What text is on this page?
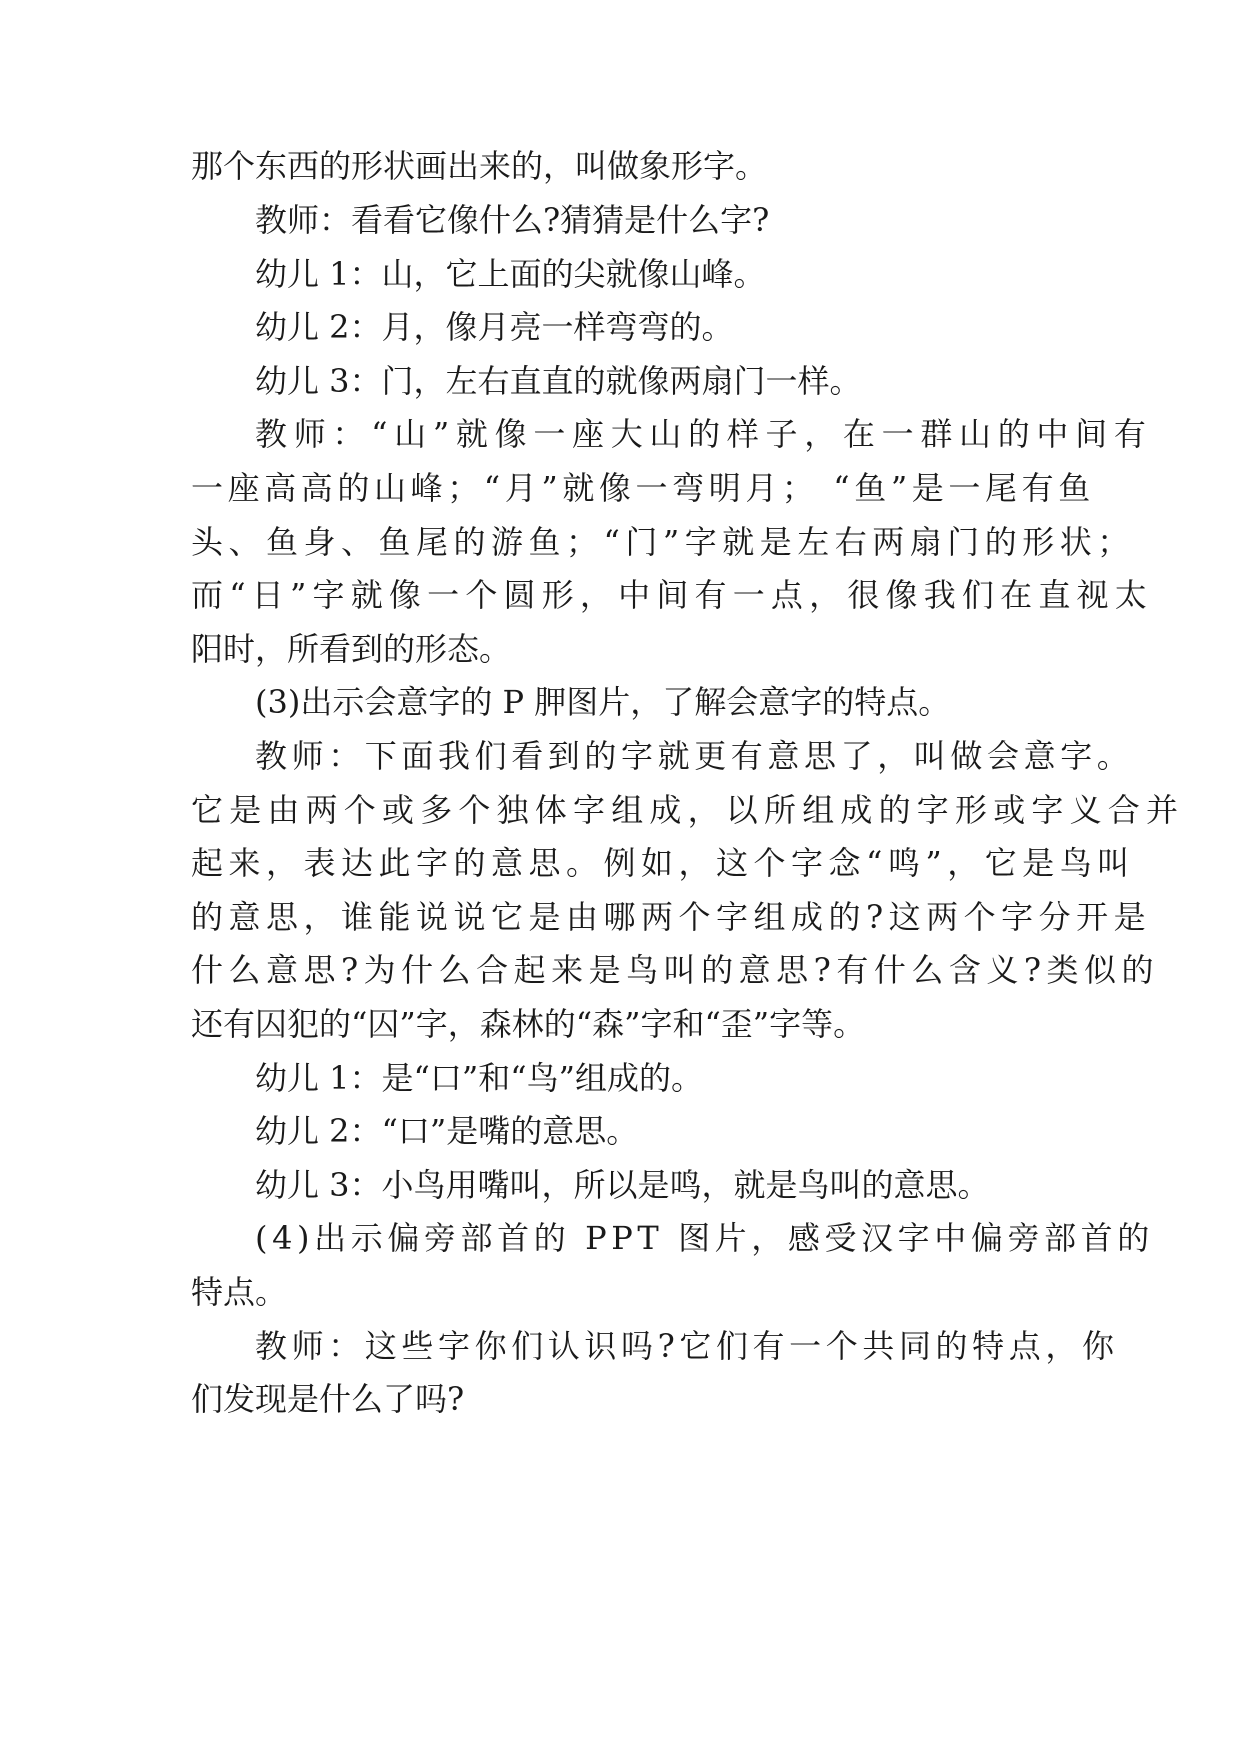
那个东西的形状画出来的，叫做象形字。
教师：看看它像什么?猜猜是什么字?
幼儿 1：山，它上面的尖就像山峰。
幼儿 2：月，像月亮一样弯弯的。
幼儿 3：门，左右直直的就像两扇门一样。
教师：“山”就像一座大山的样子，在一群山的中间有
一座高高的山峰；“月”就像一弯明月； “鱼”是一尾有鱼
头、鱼身、鱼尾的游鱼；“门”字就是左右两扇门的形状；
而“日”字就像一个圆形，中间有一点，很像我们在直视太
阳时，所看到的形态。
(3)出示会意字的 P 胛图片，了解会意字的特点。
教师：下面我们看到的字就更有意思了，叫做会意字。
它是由两个或多个独体字组成，以所组成的字形或字义合并
起来，表达此字的意思。例如，这个字念“鸣”，它是鸟叫
的意思，谁能说说它是由哪两个字组成的?这两个字分开是
什么意思?为什么合起来是鸟叫的意思?有什么含义?类似的
还有囚犯的“囚”字，森林的“森”字和“歪”字等。
幼儿 1：是“口”和“鸟”组成的。
幼儿 2：“口”是嘴的意思。
幼儿 3：小鸟用嘴叫，所以是鸣，就是鸟叫的意思。
(4)出示偏旁部首的 PPT 图片，感受汉字中偏旁部首的
特点。
教师：这些字你们认识吗?它们有一个共同的特点，你
们发现是什么了吗?
